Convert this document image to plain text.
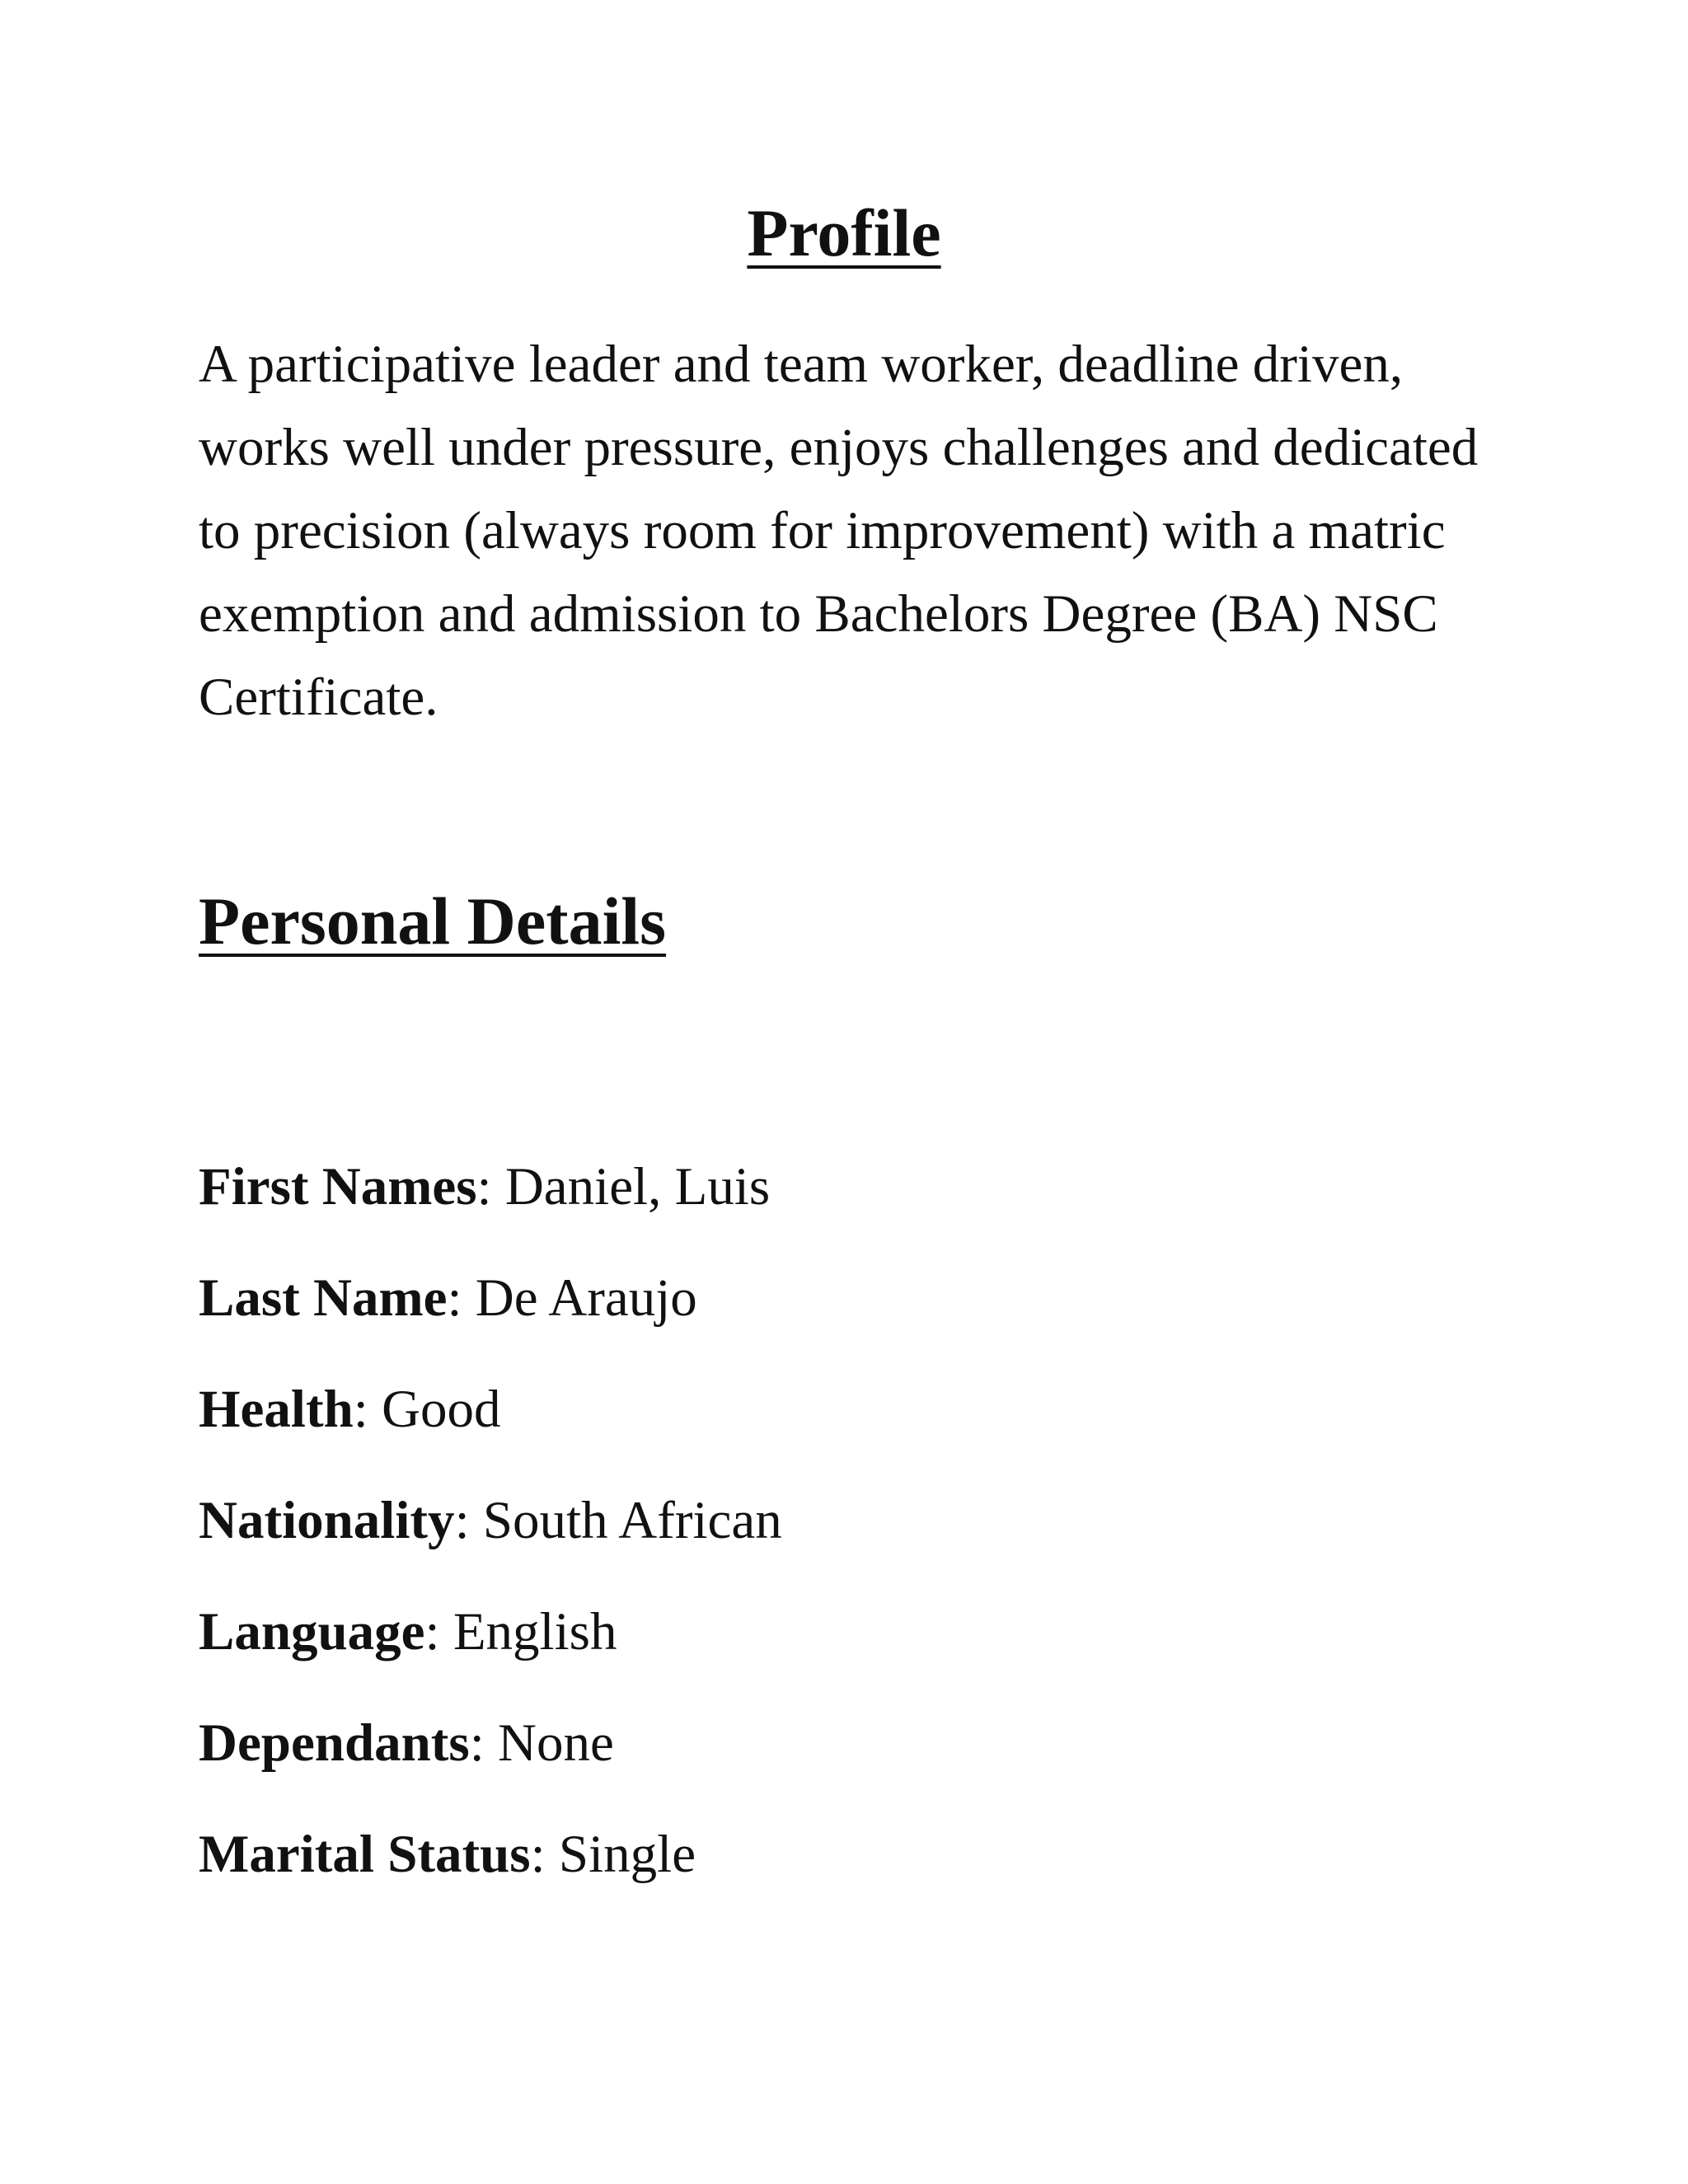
Profile

A participative leader and team worker, deadline driven, works well under pressure, enjoys challenges and dedicated to precision (always room for improvement) with a matric exemption and admission to Bachelors Degree (BA) NSC Certificate.

Personal Details
First Names: Daniel, Luis
Last Name: De Araujo
Health: Good
Nationality: South African
Language: English
Dependants: None
Marital Status: Single
